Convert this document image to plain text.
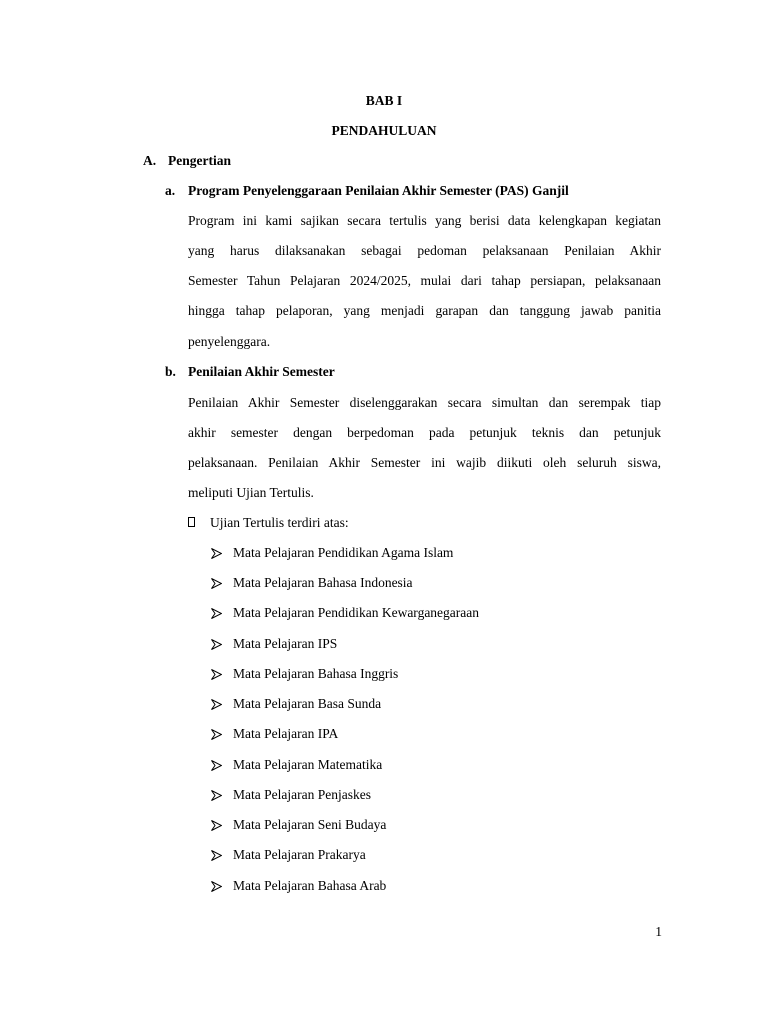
BAB I
PENDAHULUAN
A. Pengertian
a. Program Penyelenggaraan Penilaian Akhir Semester (PAS) Ganjil
Program ini kami sajikan secara tertulis yang berisi data kelengkapan kegiatan
yang harus dilaksanakan sebagai pedoman pelaksanaan Penilaian Akhir
Semester Tahun Pelajaran 2024/2025, mulai dari tahap persiapan, pelaksanaan
hingga tahap pelaporan, yang menjadi garapan dan tanggung jawab panitia
penyelenggara.
b. Penilaian Akhir Semester
Penilaian Akhir Semester diselenggarakan secara simultan dan serempak tiap
akhir semester dengan berpedoman pada petunjuk teknis dan petunjuk
pelaksanaan. Penilaian Akhir Semester ini wajib diikuti oleh seluruh siswa,
meliputi Ujian Tertulis.
Ujian Tertulis terdiri atas:
Mata Pelajaran Pendidikan Agama Islam
Mata Pelajaran Bahasa Indonesia
Mata Pelajaran Pendidikan Kewarganegaraan
Mata Pelajaran IPS
Mata Pelajaran Bahasa Inggris
Mata Pelajaran Basa Sunda
Mata Pelajaran IPA
Mata Pelajaran Matematika
Mata Pelajaran Penjaskes
Mata Pelajaran Seni Budaya
Mata Pelajaran Prakarya
Mata Pelajaran Bahasa Arab
1
